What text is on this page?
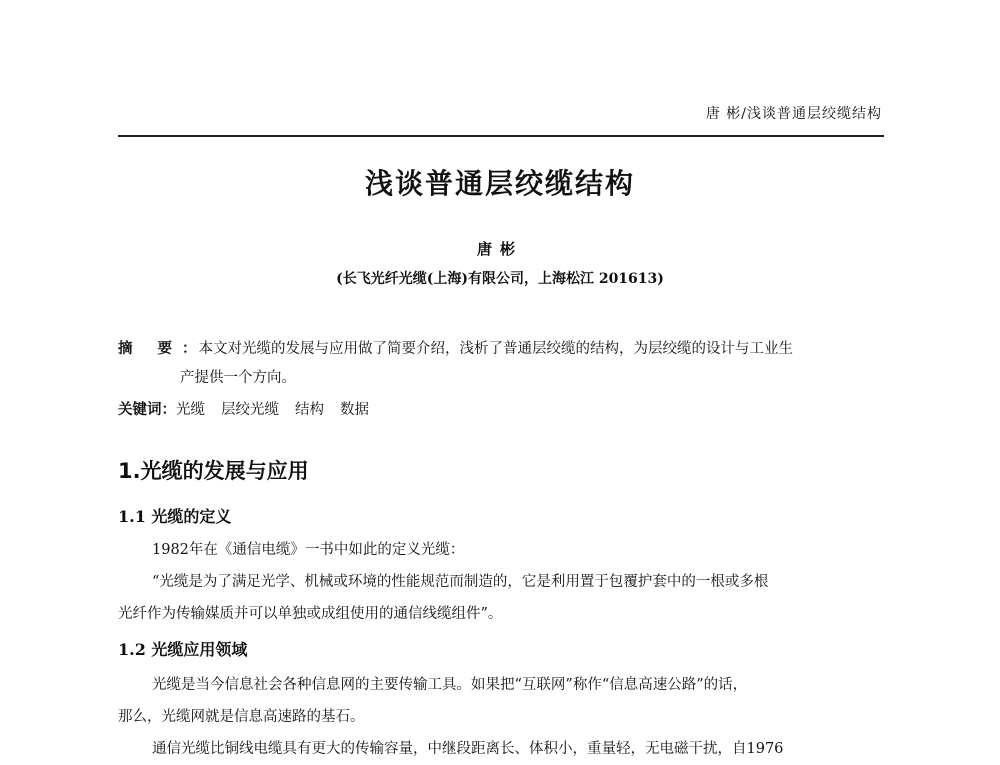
唐 彬/浅谈普通层绞缆结构
浅谈普通层绞缆结构
唐彬
(长飞光纤光缆(上海)有限公司，上海松江 201613)
摘 要：本文对光缆的发展与应用做了简要介绍，浅析了普通层绞缆的结构，为层绞缆的设计与工业生
产提供一个方向。
关键词：光缆 层绞光缆 结构 数据
1.光缆的发展与应用
1.1 光缆的定义
1982年在《通信电缆》一书中如此的定义光缆：
“光缆是为了满足光学、机械或环境的性能规范而制造的，它是利用置于包覆护套中的一根或多根
光纤作为传输媒质并可以单独或成组使用的通信线缆组件”。
1.2 光缆应用领域
光缆是当今信息社会各种信息网的主要传输工具。如果把“互联网”称作“信息高速公路”的话，
那么，光缆网就是信息高速路的基石。
通信光缆比铜线电缆具有更大的传输容量，中继段距离长、体积小，重量轻，无电磁干扰，自1976
